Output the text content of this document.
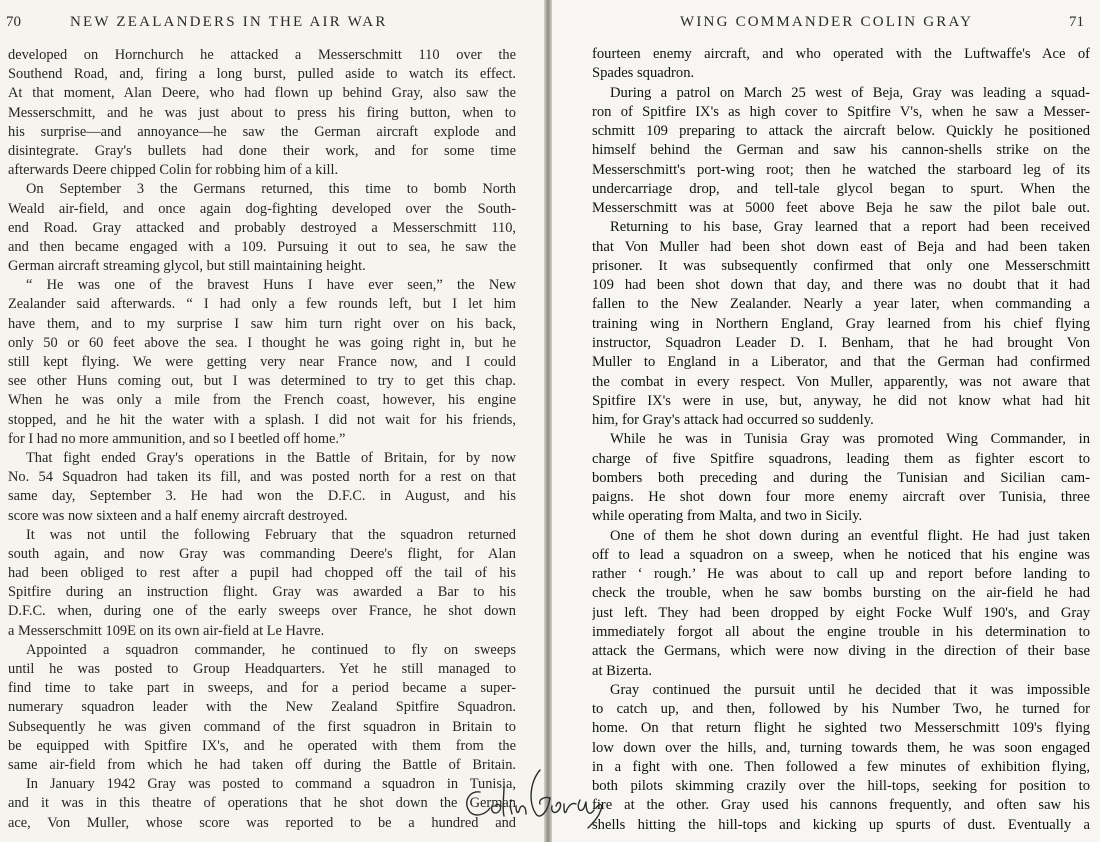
70	NEW ZEALANDERS IN THE AIR WAR
developed on Hornchurch he attacked a Messerschmitt 110 over the
Southend Road, and, firing a long burst, pulled aside to watch its effect.
At that moment, Alan Deere, who had flown up behind Gray, also saw the
Messerschmitt, and he was just about to press his firing button, when to
his surprise—and annoyance—he saw the German aircraft explode and
disintegrate. Gray's bullets had done their work, and for some time
afterwards Deere chipped Colin for robbing him of a kill.
On September 3 the Germans returned, this time to bomb North
Weald air-field, and once again dog-fighting developed over the South-
end Road. Gray attacked and probably destroyed a Messerschmitt 110,
and then became engaged with a 109. Pursuing it out to sea, he saw the
German aircraft streaming glycol, but still maintaining height.
“ He was one of the bravest Huns I have ever seen,” the New
Zealander said afterwards. “ I had only a few rounds left, but I let him
have them, and to my surprise I saw him turn right over on his back,
only 50 or 60 feet above the sea. I thought he was going right in, but he
still kept flying. We were getting very near France now, and I could
see other Huns coming out, but I was determined to try to get this chap.
When he was only a mile from the French coast, however, his engine
stopped, and he hit the water with a splash. I did not wait for his friends,
for I had no more ammunition, and so I beetled off home.”
That fight ended Gray's operations in the Battle of Britain, for by now
No. 54 Squadron had taken its fill, and was posted north for a rest on that
same day, September 3. He had won the D.F.C. in August, and his
score was now sixteen and a half enemy aircraft destroyed.
It was not until the following February that the squadron returned
south again, and now Gray was commanding Deere's flight, for Alan
had been obliged to rest after a pupil had chopped off the tail of his
Spitfire during an instruction flight. Gray was awarded a Bar to his
D.F.C. when, during one of the early sweeps over France, he shot down
a Messerschmitt 109E on its own air-field at Le Havre.
Appointed a squadron commander, he continued to fly on sweeps
until he was posted to Group Headquarters. Yet he still managed to
find time to take part in sweeps, and for a period became a super-
numerary squadron leader with the New Zealand Spitfire Squadron.
Subsequently he was given command of the first squadron in Britain to
be equipped with Spitfire IX's, and he operated with them from the
same air-field from which he had taken off during the Battle of Britain.
In January 1942 Gray was posted to command a squadron in Tunisia,
and it was in this theatre of operations that he shot down the German
ace, Von Muller, whose score was reported to be a hundred and
WING COMMANDER COLIN GRAY	71
fourteen enemy aircraft, and who operated with the Luftwaffe's Ace of
Spades squadron.
During a patrol on March 25 west of Beja, Gray was leading a squad-
ron of Spitfire IX's as high cover to Spitfire V's, when he saw a Messer-
schmitt 109 preparing to attack the aircraft below. Quickly he positioned
himself behind the German and saw his cannon-shells strike on the
Messerschmitt's port-wing root; then he watched the starboard leg of its
undercarriage drop, and tell-tale glycol began to spurt. When the
Messerschmitt was at 5000 feet above Beja he saw the pilot bale out.
Returning to his base, Gray learned that a report had been received
that Von Muller had been shot down east of Beja and had been taken
prisoner. It was subsequently confirmed that only one Messerschmitt
109 had been shot down that day, and there was no doubt that it had
fallen to the New Zealander. Nearly a year later, when commanding a
training wing in Northern England, Gray learned from his chief flying
instructor, Squadron Leader D. I. Benham, that he had brought Von
Muller to England in a Liberator, and that the German had confirmed
the combat in every respect. Von Muller, apparently, was not aware that
Spitfire IX's were in use, but, anyway, he did not know what had hit
him, for Gray's attack had occurred so suddenly.
While he was in Tunisia Gray was promoted Wing Commander, in
charge of five Spitfire squadrons, leading them as fighter escort to
bombers both preceding and during the Tunisian and Sicilian cam-
paigns. He shot down four more enemy aircraft over Tunisia, three
while operating from Malta, and two in Sicily.
One of them he shot down during an eventful flight. He had just taken
off to lead a squadron on a sweep, when he noticed that his engine was
rather ‘ rough.’ He was about to call up and report before landing to
check the trouble, when he saw bombs bursting on the air-field he had
just left. They had been dropped by eight Focke Wulf 190's, and Gray
immediately forgot all about the engine trouble in his determination to
attack the Germans, which were now diving in the direction of their base
at Bizerta.
Gray continued the pursuit until he decided that it was impossible
to catch up, and then, followed by his Number Two, he turned for
home. On that return flight he sighted two Messerschmitt 109's flying
low down over the hills, and, turning towards them, he was soon engaged
in a fight with one. Then followed a few minutes of exhibition flying,
both pilots skimming crazily over the hill-tops, seeking for position to
fire at the other. Gray used his cannons frequently, and often saw his
shells hitting the hill-tops and kicking up spurts of dust. Eventually a
